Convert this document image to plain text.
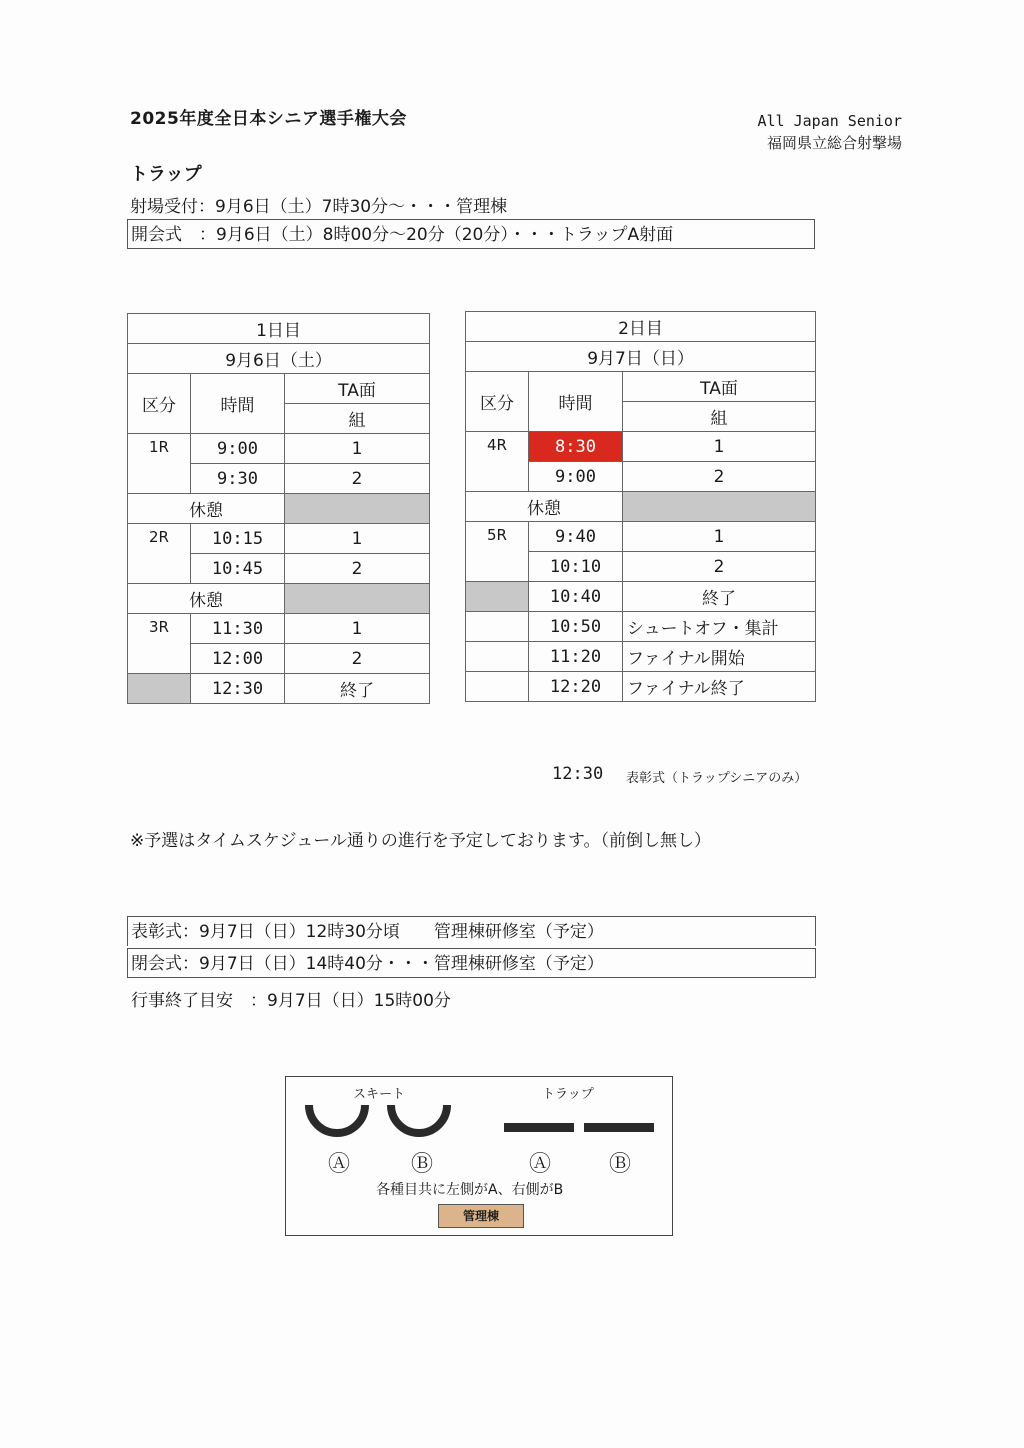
2025年度全日本シニア選手権大会	All Japan Senior
福岡県立総合射撃場
トラップ
射場受付：9月6日（土）7時30分～・・・管理棟
開会式　：9月6日（土）8時00分～20分（20分）・・・トラップA射面
1日目		
9月6日（土）		
区分	時間	TA面
		組
1R	9:00	1
	9:30	2
休憩		
2R	10:15	1
	10:45	2
休憩		
3R	11:30	1
	12:00	2
	12:30	終了
2日目		
9月7日（日）		
区分	時間	TA面
		組
4R	8:30	1
	9:00	2
休憩		
5R	9:40	1
	10:10	2
	10:40	終了
	10:50	シュートオフ・集計
	11:20	ファイナル開始
	12:20	ファイナル終了
12:30 表彰式（トラップシニアのみ）
※予選はタイムスケジュール通りの進行を予定しております。（前倒し無し）
表彰式：9月7日（日）12時30分頃　　管理棟研修室（予定）
閉会式：9月7日（日）14時40分・・・管理棟研修室（予定）
行事終了目安　：9月7日（日）15時00分
スキート	トラップ
Ⓐ	Ⓑ	Ⓐ	Ⓑ
各種目共に左側がA、右側がB
管理棟
